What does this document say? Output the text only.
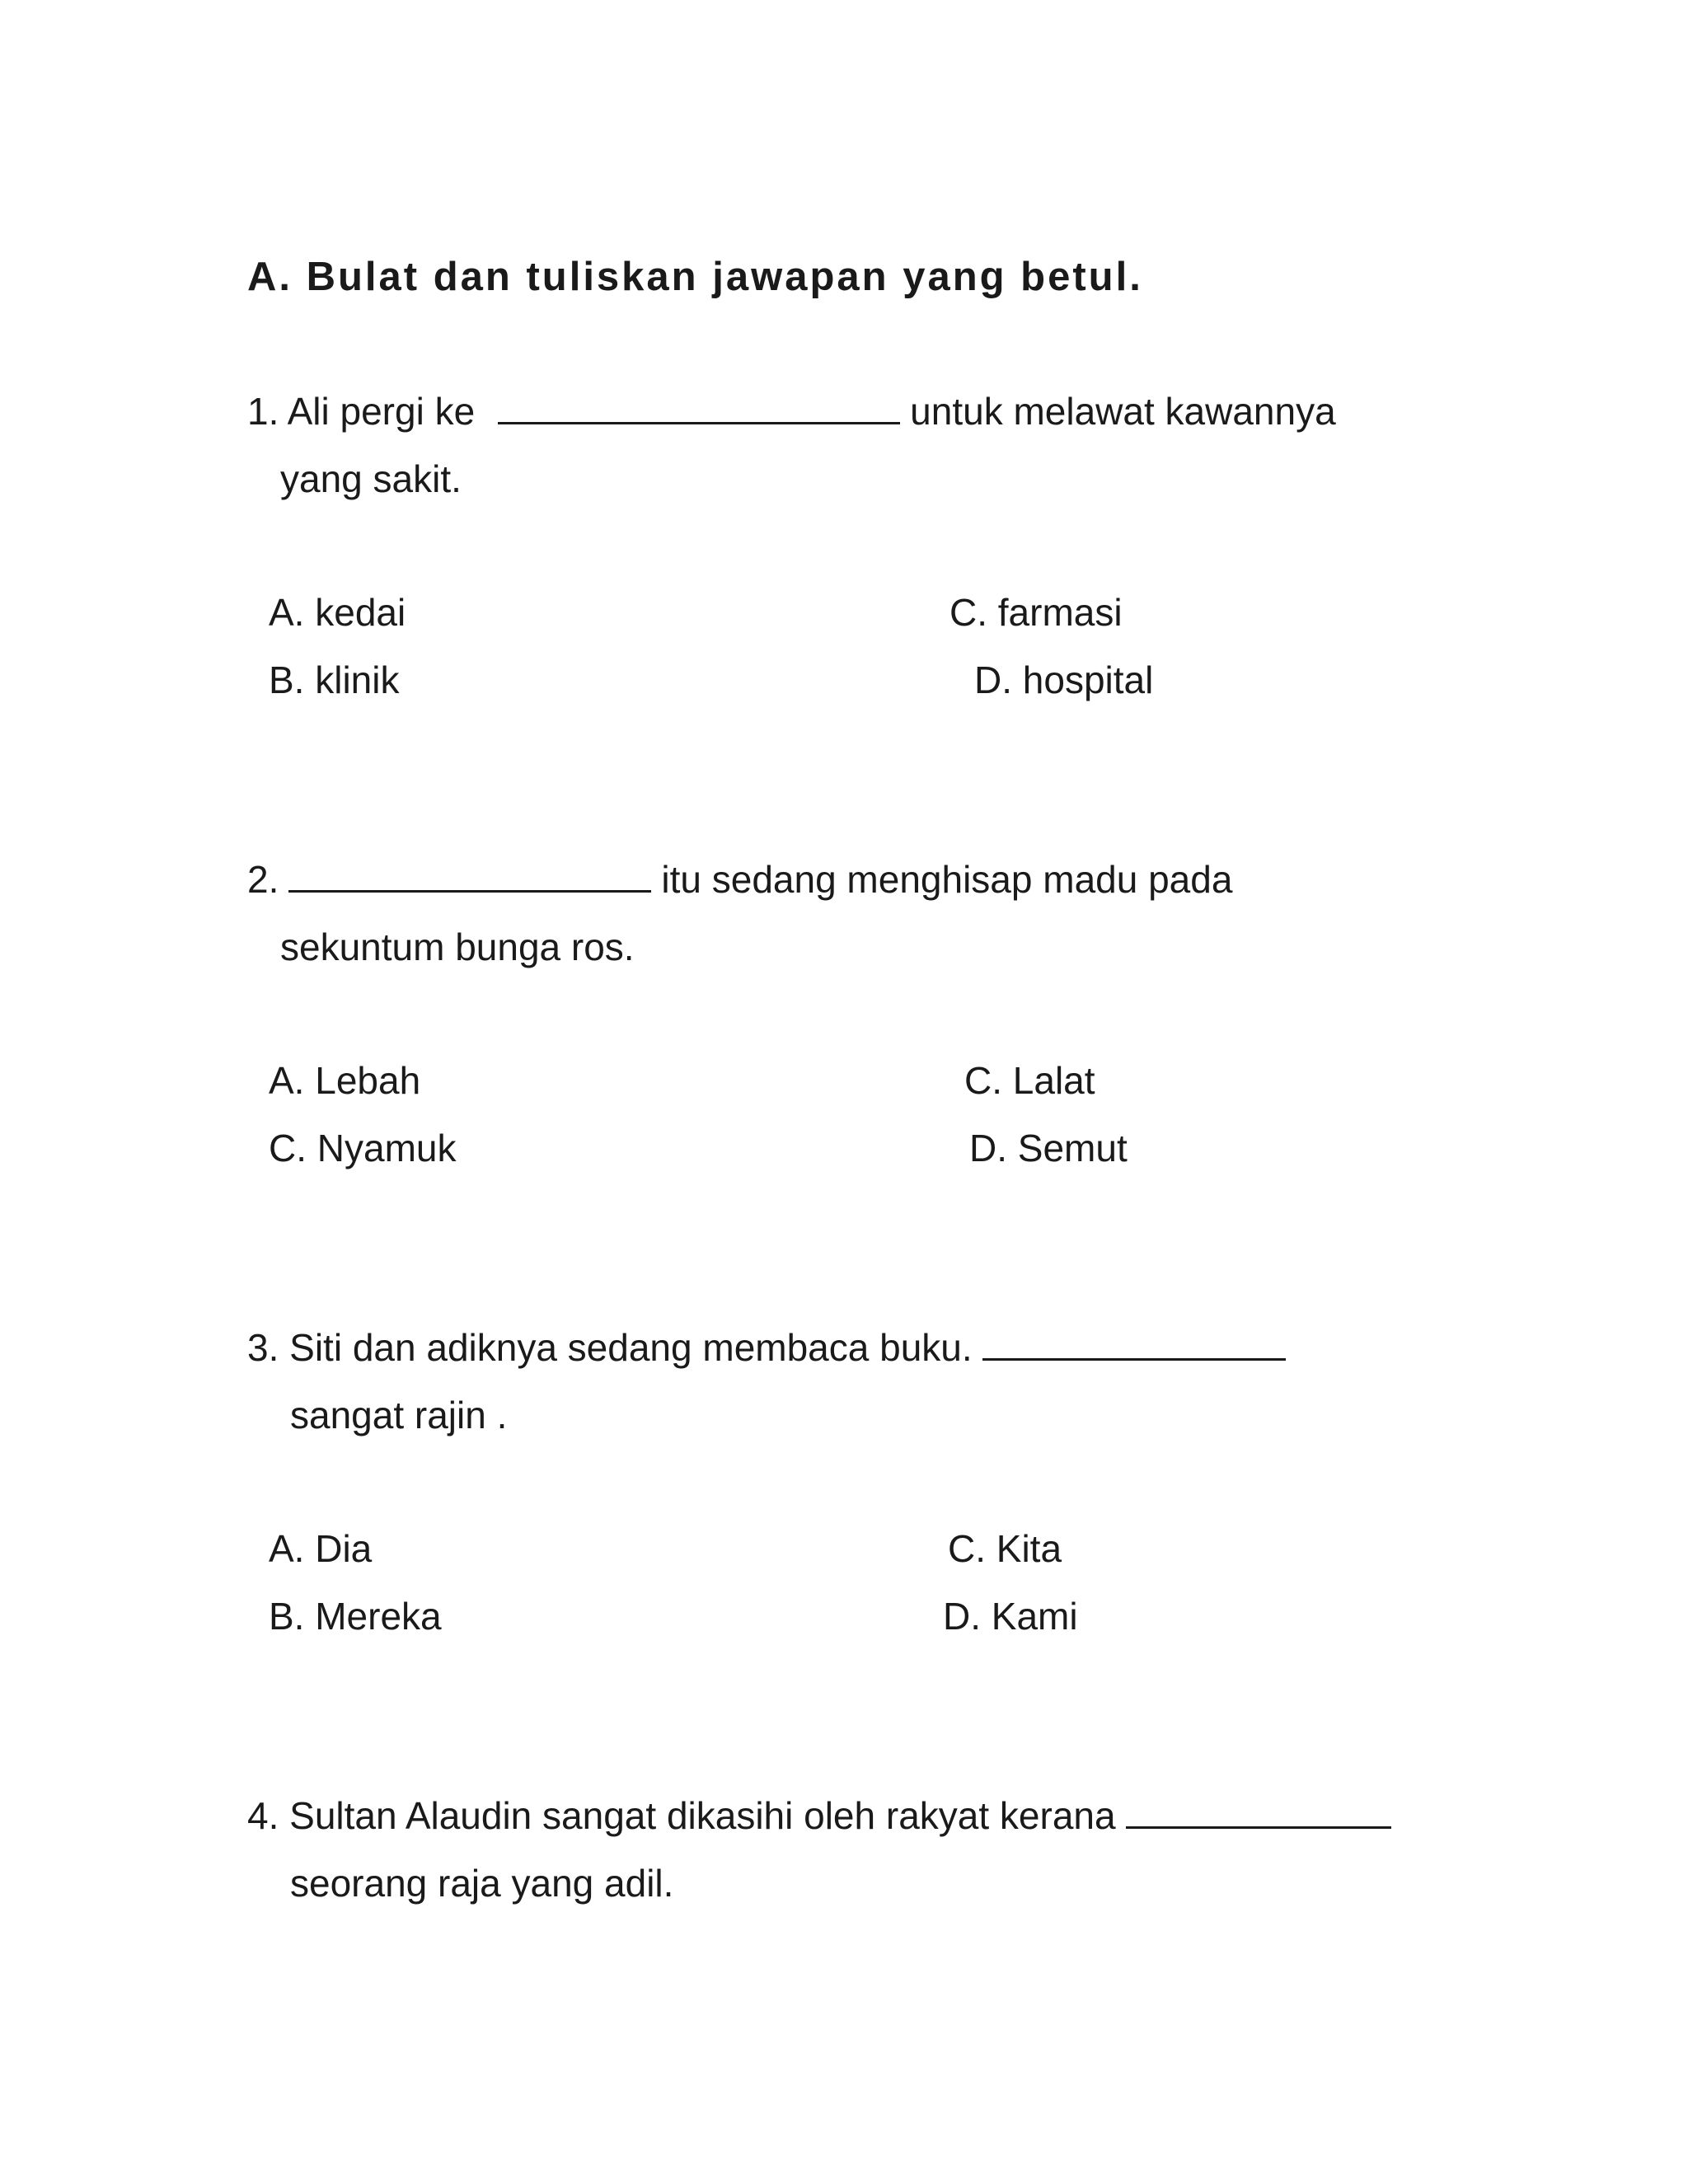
A. Bulat dan tuliskan jawapan yang betul.
1. Ali pergi ke	untuk melawat kawannya
yang sakit.
A. kedai
B. klinik
C. farmasi
D. hospital
2.	itu sedang menghisap madu pada
sekuntum bunga ros.
A. Lebah
C. Nyamuk
C. Lalat
D. Semut
3. Siti dan adiknya sedang membaca buku.
sangat rajin .
A. Dia
B. Mereka
C. Kita
D. Kami
4. Sultan Alaudin sangat dikasihi oleh rakyat kerana
seorang raja yang adil.
